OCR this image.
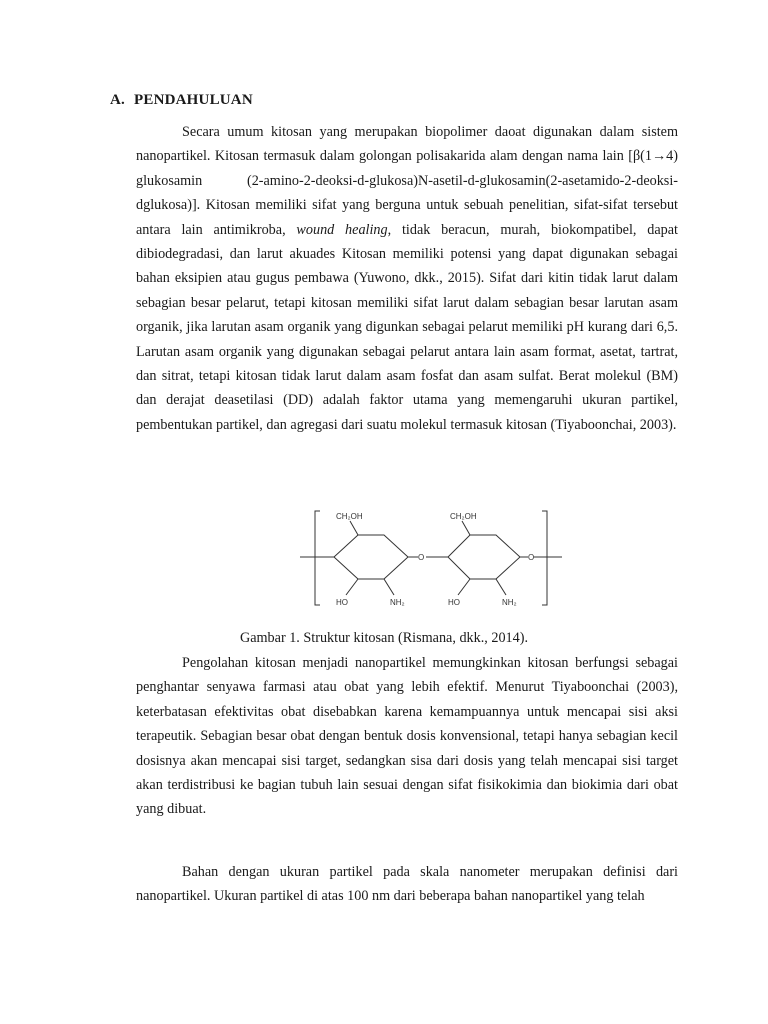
A. PENDAHULUAN

Secara umum kitosan yang merupakan biopolimer daoat digunakan dalam sistem nanopartikel. Kitosan termasuk dalam golongan polisakarida alam dengan nama lain [β(1→4) glukosamin (2-amino-2-deoksi-d-glukosa)N-asetil-d-glukosamin(2-asetamido-2-deoksi-dglukosa)]. Kitosan memiliki sifat yang berguna untuk sebuah penelitian, sifat-sifat tersebut antara lain antimikroba, wound healing, tidak beracun, murah, biokompatibel, dapat dibiodegradasi, dan larut akuades Kitosan memiliki potensi yang dapat digunakan sebagai bahan eksipien atau gugus pembawa (Yuwono, dkk., 2015). Sifat dari kitin tidak larut dalam sebagian besar pelarut, tetapi kitosan memiliki sifat larut dalam sebagian besar larutan asam organik, jika larutan asam organik yang digunkan sebagai pelarut memiliki pH kurang dari 6,5. Larutan asam organik yang digunakan sebagai pelarut antara lain asam format, asetat, tartrat, dan sitrat, tetapi kitosan tidak larut dalam asam fosfat dan asam sulfat. Berat molekul (BM) dan derajat deasetilasi (DD) adalah faktor utama yang memengaruhi ukuran partikel, pembentukan partikel, dan agregasi dari suatu molekul termasuk kitosan (Tiyaboonchai, 2003).

CH₂OH	CH₂OH
HO	HO
NH₂	NH₂
O	O
Gambar 1. Struktur kitosan (Rismana, dkk., 2014).

Pengolahan kitosan menjadi nanopartikel memungkinkan kitosan berfungsi sebagai penghantar senyawa farmasi atau obat yang lebih efektif. Menurut Tiyaboonchai (2003), keterbatasan efektivitas obat disebabkan karena kemampuannya untuk mencapai sisi aksi terapeutik. Sebagian besar obat dengan bentuk dosis konvensional, tetapi hanya sebagian kecil dosisnya akan mencapai sisi target, sedangkan sisa dari dosis yang telah mencapai sisi target akan terdistribusi ke bagian tubuh lain sesuai dengan sifat fisikokimia dan biokimia dari obat yang dibuat.

Bahan dengan ukuran partikel pada skala nanometer merupakan definisi dari nanopartikel. Ukuran partikel di atas 100 nm dari beberapa bahan nanopartikel yang telah
